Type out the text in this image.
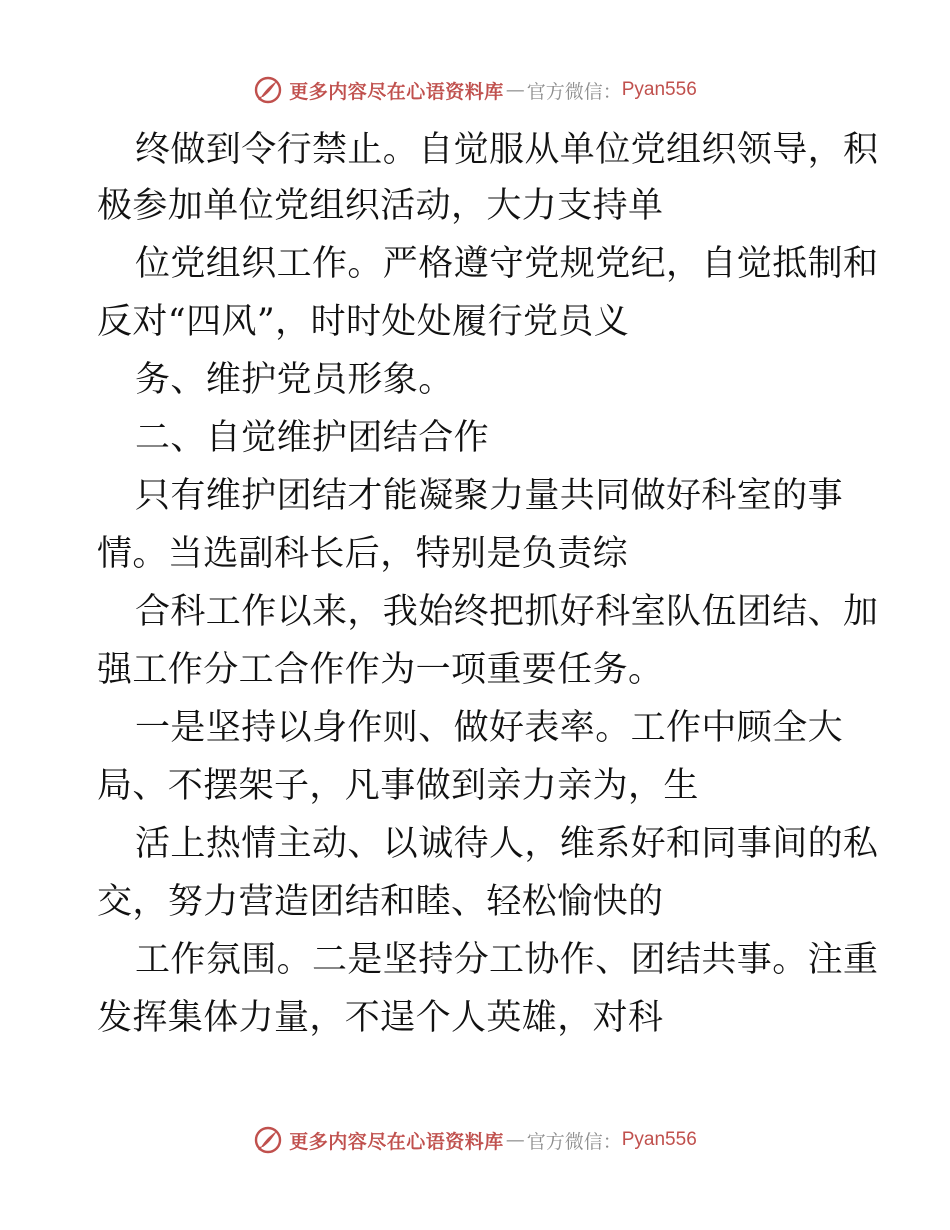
更多内容尽在心语资料库 — 官方微信： Pyan556
终做到令行禁止。自觉服从单位党组织领导，积
极参加单位党组织活动，大力支持单
位党组织工作。严格遵守党规党纪，自觉抵制和
反对“四风”，时时处处履行党员义
务、维护党员形象。
二、自觉维护团结合作
只有维护团结才能凝聚力量共同做好科室的事
情。当选副科长后，特别是负责综
合科工作以来，我始终把抓好科室队伍团结、加
强工作分工合作作为一项重要任务。
一是坚持以身作则、做好表率。工作中顾全大
局、不摆架子，凡事做到亲力亲为，生
活上热情主动、以诚待人，维系好和同事间的私
交，努力营造团结和睦、轻松愉快的
工作氛围。二是坚持分工协作、团结共事。注重
发挥集体力量，不逞个人英雄，对科
更多内容尽在心语资料库 — 官方微信： Pyan556
